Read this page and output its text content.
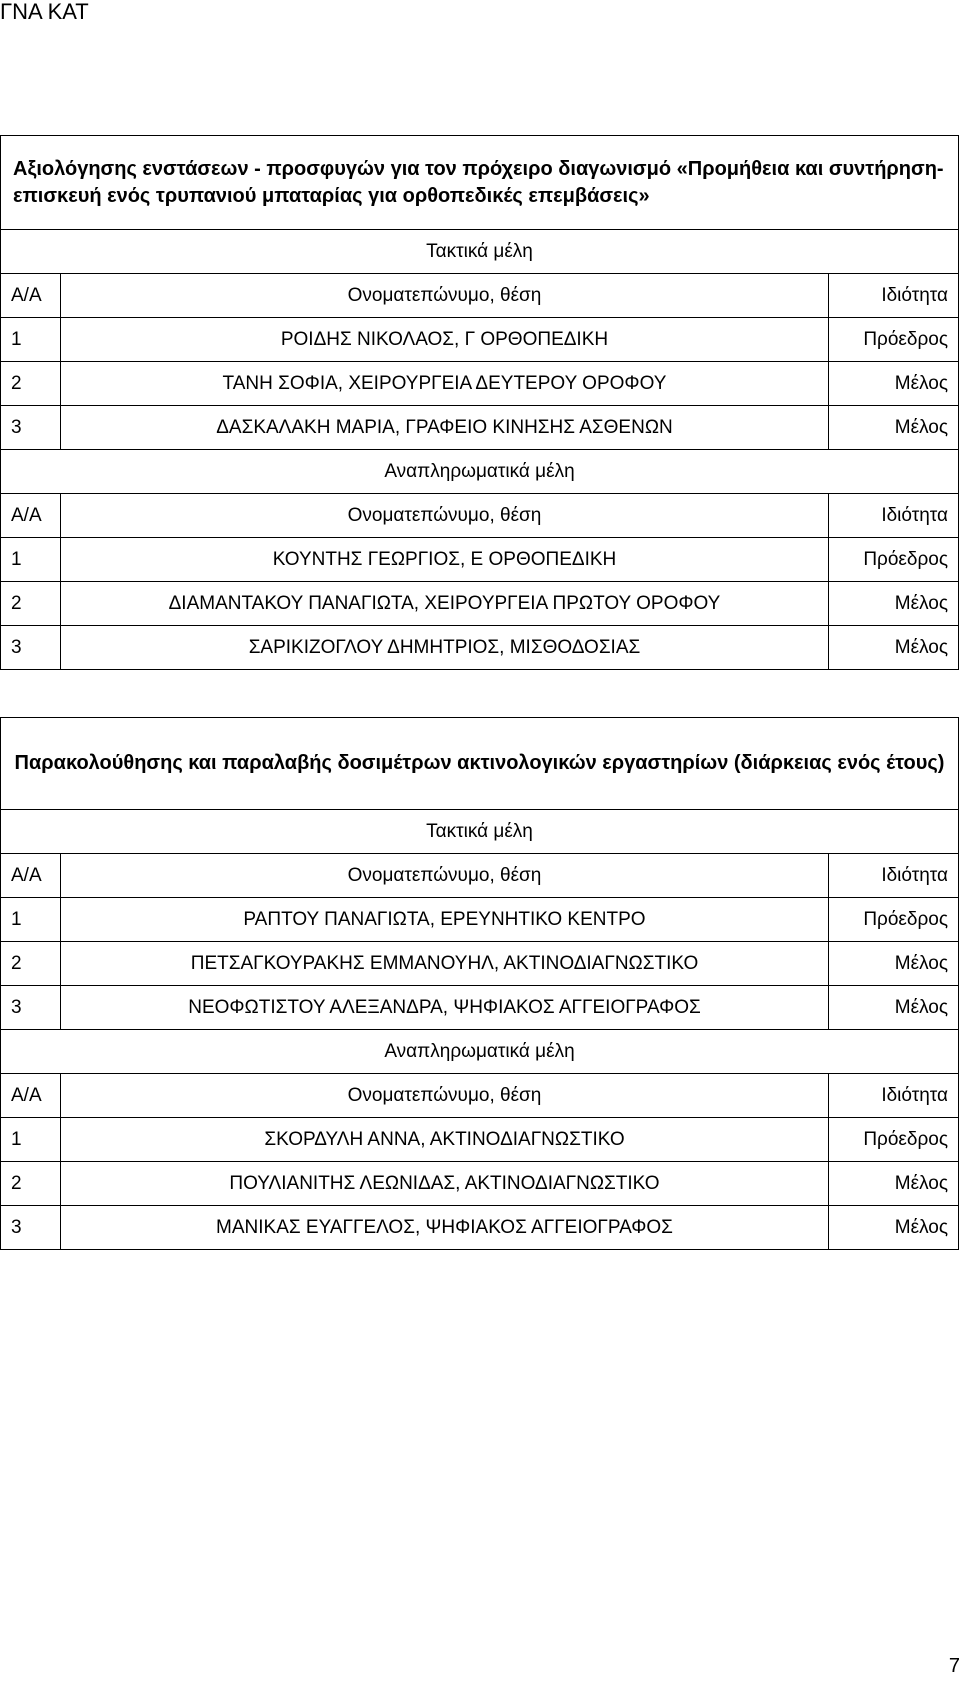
ΓΝΑ ΚΑΤ
Αξιολόγησης ενστάσεων - προσφυγών για τον πρόχειρο διαγωνισμό «Προμήθεια και συντήρηση-επισκευή ενός τρυπανιού μπαταρίας για ορθοπεδικές επεμβάσεις»		
Τακτικά μέλη		
Α/Α	Ονοματεπώνυμο, θέση	Ιδιότητα
1	ΡΟΙΔΗΣ ΝΙΚΟΛΑΟΣ, Γ ΟΡΘΟΠΕΔΙΚΗ	Πρόεδρος
2	ΤΑΝΗ ΣΟΦΙΑ, ΧΕΙΡΟΥΡΓΕΙΑ ΔΕΥΤΕΡΟΥ ΟΡΟΦΟΥ	Μέλος
3	ΔΑΣΚΑΛΑΚΗ ΜΑΡΙΑ, ΓΡΑΦΕΙΟ ΚΙΝΗΣΗΣ ΑΣΘΕΝΩΝ	Μέλος
Αναπληρωματικά μέλη		
Α/Α	Ονοματεπώνυμο, θέση	Ιδιότητα
1	ΚΟΥΝΤΗΣ ΓΕΩΡΓΙΟΣ, Ε ΟΡΘΟΠΕΔΙΚΗ	Πρόεδρος
2	ΔΙΑΜΑΝΤΑΚΟΥ ΠΑΝΑΓΙΩΤΑ, ΧΕΙΡΟΥΡΓΕΙΑ ΠΡΩΤΟΥ ΟΡΟΦΟΥ	Μέλος
3	ΣΑΡΙΚΙΖΟΓΛΟΥ ΔΗΜΗΤΡΙΟΣ, ΜΙΣΘΟΔΟΣΙΑΣ	Μέλος
Παρακολούθησης και παραλαβής δοσιμέτρων ακτινολογικών εργαστηρίων (διάρκειας ενός έτους)		
Τακτικά μέλη		
Α/Α	Ονοματεπώνυμο, θέση	Ιδιότητα
1	ΡΑΠΤΟΥ ΠΑΝΑΓΙΩΤΑ, ΕΡΕΥΝΗΤΙΚΟ ΚΕΝΤΡΟ	Πρόεδρος
2	ΠΕΤΣΑΓΚΟΥΡΑΚΗΣ ΕΜΜΑΝΟΥΗΛ, ΑΚΤΙΝΟΔΙΑΓΝΩΣΤΙΚΟ	Μέλος
3	ΝΕΟΦΩΤΙΣΤΟΥ ΑΛΕΞΑΝΔΡΑ, ΨΗΦΙΑΚΟΣ ΑΓΓΕΙΟΓΡΑΦΟΣ	Μέλος
Αναπληρωματικά μέλη		
Α/Α	Ονοματεπώνυμο, θέση	Ιδιότητα
1	ΣΚΟΡΔΥΛΗ ΑΝΝΑ, ΑΚΤΙΝΟΔΙΑΓΝΩΣΤΙΚΟ	Πρόεδρος
2	ΠΟΥΛΙΑΝΙΤΗΣ ΛΕΩΝΙΔΑΣ, ΑΚΤΙΝΟΔΙΑΓΝΩΣΤΙΚΟ	Μέλος
3	ΜΑΝΙΚΑΣ ΕΥΑΓΓΕΛΟΣ, ΨΗΦΙΑΚΟΣ ΑΓΓΕΙΟΓΡΑΦΟΣ	Μέλος
7
